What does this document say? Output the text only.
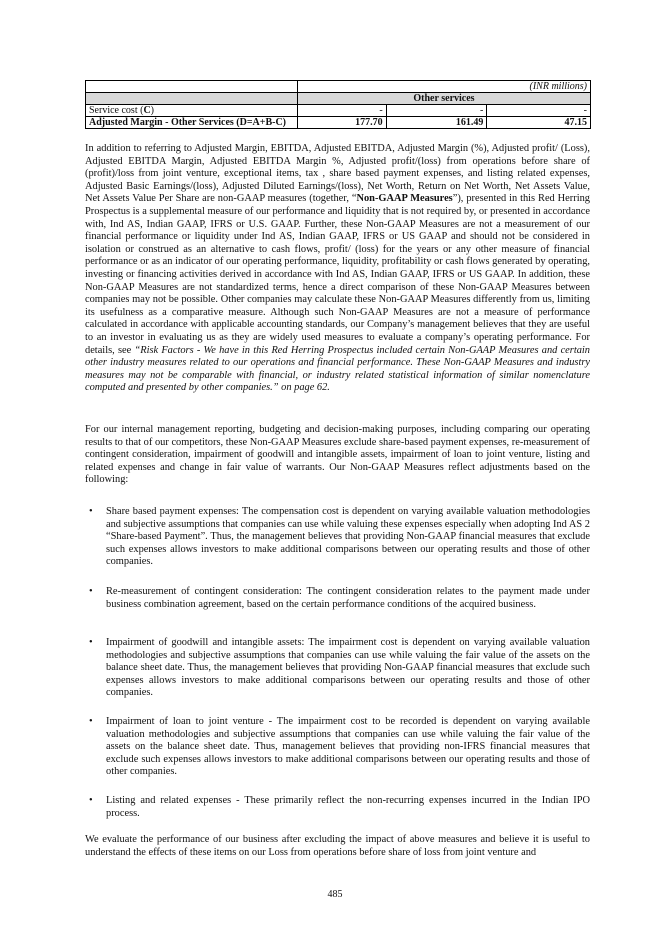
	(INR millions)		
	Other services		
Service cost (C)	-	-	-
Adjusted Margin - Other Services (D=A+B-C)	177.70	161.49	47.15

In addition to referring to Adjusted Margin, EBITDA, Adjusted EBITDA, Adjusted Margin (%), Adjusted profit/ (Loss), Adjusted EBITDA Margin, Adjusted EBITDA Margin %, Adjusted profit/(loss) from operations before share of (profit)/loss from joint venture, exceptional items, tax , share based payment expenses, and listing related expenses, Adjusted Basic Earnings/(loss), Adjusted Diluted Earnings/(loss), Net Worth, Return on Net Worth, Net Assets Value, Net Assets Value Per Share are non-GAAP measures (together, “Non-GAAP Measures”), presented in this Red Herring Prospectus is a supplemental measure of our performance and liquidity that is not required by, or presented in accordance with, Ind AS, Indian GAAP, IFRS or U.S. GAAP. Further, these Non-GAAP Measures are not a measurement of our financial performance or liquidity under Ind AS, Indian GAAP, IFRS or US GAAP and should not be considered in isolation or construed as an alternative to cash flows, profit/ (loss) for the years or any other measure of financial performance or as an indicator of our operating performance, liquidity, profitability or cash flows generated by operating, investing or financing activities derived in accordance with Ind AS, Indian GAAP, IFRS or US GAAP. In addition, these Non-GAAP Measures are not standardized terms, hence a direct comparison of these Non-GAAP Measures between companies may not be possible. Other companies may calculate these Non-GAAP Measures differently from us, limiting its usefulness as a comparative measure. Although such Non-GAAP Measures are not a measure of performance calculated in accordance with applicable accounting standards, our Company’s management believes that they are useful to an investor in evaluating us as they are widely used measures to evaluate a company’s operating performance. For details, see “Risk Factors - We have in this Red Herring Prospectus included certain Non-GAAP Measures and certain other industry measures related to our operations and financial performance. These Non-GAAP Measures and industry measures may not be comparable with financial, or industry related statistical information of similar nomenclature computed and presented by other companies.” on page 62.

For our internal management reporting, budgeting and decision-making purposes, including comparing our operating results to that of our competitors, these Non-GAAP Measures exclude share-based payment expenses, re-measurement of contingent consideration, impairment of goodwill and intangible assets, impairment of loan to joint venture, listing and related expenses and change in fair value of warrants. Our Non-GAAP Measures reflect adjustments based on the following:

• Share based payment expenses: The compensation cost is dependent on varying available valuation methodologies and subjective assumptions that companies can use while valuing these expenses especially when adopting Ind AS 2 “Share-based Payment”. Thus, the management believes that providing Non-GAAP financial measures that exclude such expenses allows investors to make additional comparisons between our operating results and those of other companies.
• Re-measurement of contingent consideration: The contingent consideration relates to the payment made under business combination agreement, based on the certain performance conditions of the acquired business.
• Impairment of goodwill and intangible assets: The impairment cost is dependent on varying available valuation methodologies and subjective assumptions that companies can use while valuing the fair value of the assets on the balance sheet date. Thus, the management believes that providing Non-GAAP financial measures that exclude such expenses allows investors to make additional comparisons between our operating results and those of other companies.
• Impairment of loan to joint venture - The impairment cost to be recorded is dependent on varying available valuation methodologies and subjective assumptions that companies can use while valuing the fair value of the assets on the balance sheet date. Thus, management believes that providing non-IFRS financial measures that exclude such expenses allows investors to make additional comparisons between our operating results and those of other companies.
• Listing and related expenses - These primarily reflect the non-recurring expenses incurred in the Indian IPO process.

We evaluate the performance of our business after excluding the impact of above measures and believe it is useful to understand the effects of these items on our Loss from operations before share of loss from joint venture and

485
